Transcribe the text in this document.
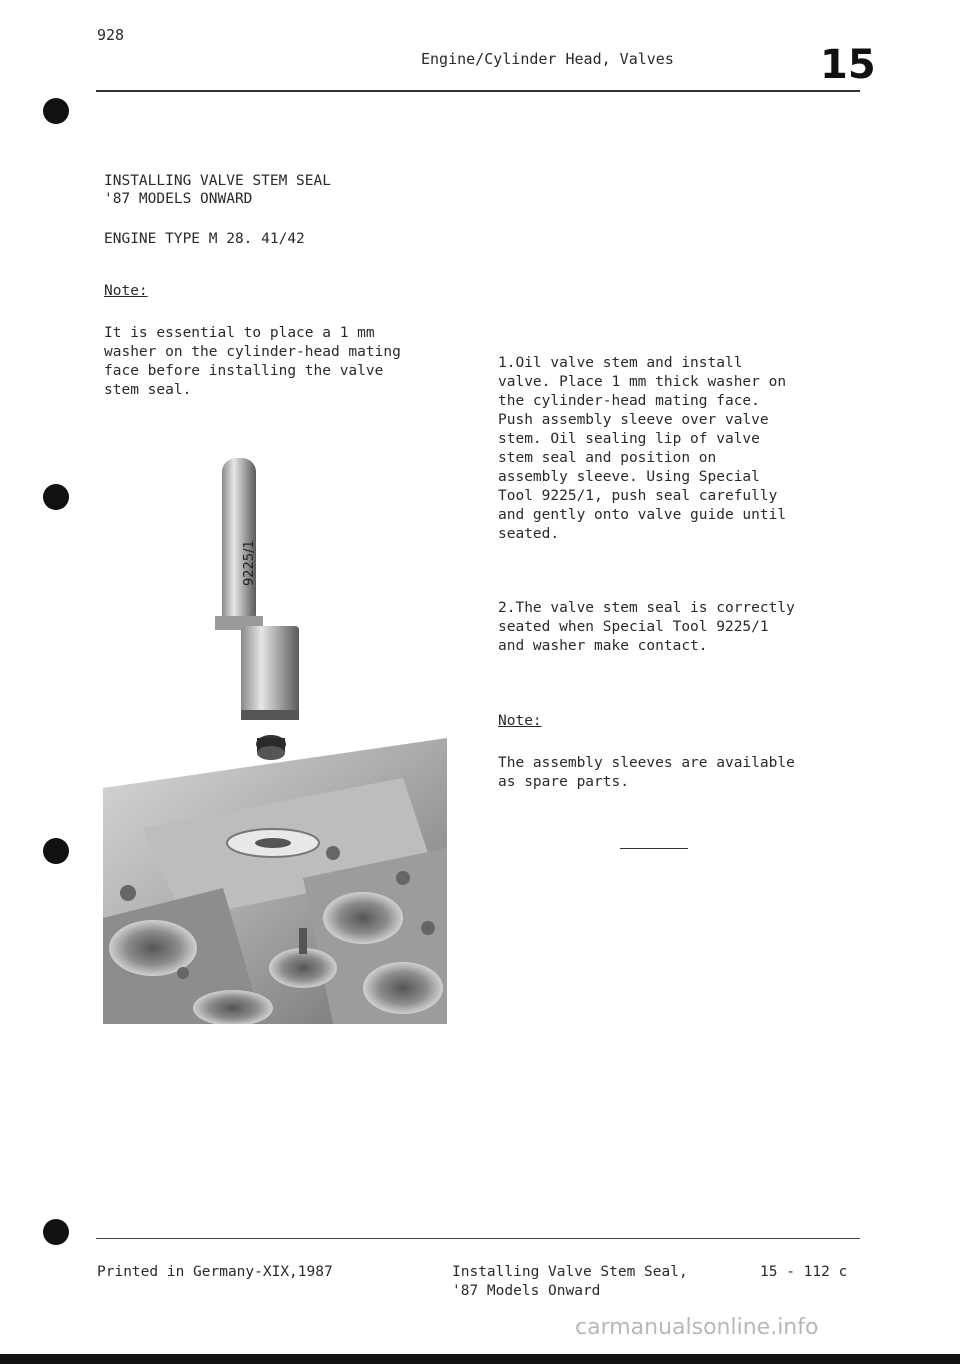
928
Engine/Cylinder Head, Valves	15
INSTALLING VALVE STEM SEAL
'87 MODELS ONWARD
ENGINE TYPE M 28. 41/42
Note:
It is essential to place a 1 mm
washer on the cylinder-head mating
face before installing the valve
stem seal.
9225/1
1.Oil valve stem and install
valve. Place 1 mm thick washer on
the cylinder-head mating face.
Push assembly sleeve over valve
stem. Oil sealing lip of valve
stem seal and position on
assembly sleeve. Using Special
Tool 9225/1, push seal carefully
and gently onto valve guide until
seated.
2.The valve stem seal is correctly
seated when Special Tool 9225/1
and washer make contact.
Note:
The assembly sleeves are available
as spare parts.
Printed in Germany-XIX,1987	Installing Valve Stem Seal,
'87 Models Onward
15 - 112 c
carmanualsonline.info
